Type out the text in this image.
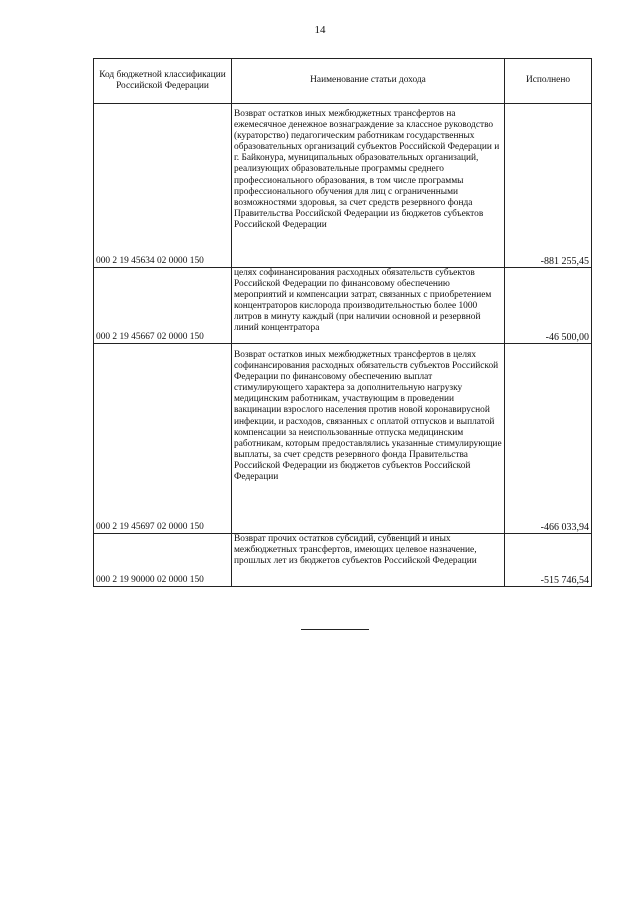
14
Код бюджетной классификации Российской Федерации	Наименование статьи дохода	Исполнено
000 2 19 45634 02 0000 150	Возврат остатков иных межбюджетных трансфертов на ежемесячное денежное вознаграждение за классное руководство (кураторство) педагогическим работникам государственных образовательных организаций субъектов Российской Федерации и г. Байконура, муниципальных образовательных организаций, реализующих образовательные программы среднего профессионального образования, в том числе программы профессионального обучения для лиц с ограниченными возможностями здоровья, за счет средств резервного фонда Правительства Российской Федерации из бюджетов субъектов Российской Федерации	-881 255,45
000 2 19 45667 02 0000 150	целях софинансирования расходных обязательств субъектов Российской Федерации по финансовому обеспечению мероприятий и компенсации затрат, связанных с приобретением концентраторов кислорода производительностью более 1000 литров в минуту каждый (при наличии основной и резервной линий концентратора	-46 500,00
000 2 19 45697 02 0000 150	Возврат остатков иных межбюджетных трансфертов в целях софинансирования расходных обязательств субъектов Российской Федерации по финансовому обеспечению выплат стимулирующего характера за дополнительную нагрузку медицинским работникам, участвующим в проведении вакцинации взрослого населения против новой коронавирусной инфекции, и расходов, связанных с оплатой отпусков и выплатой компенсации за неиспользованные отпуска медицинским работникам, которым предоставлялись указанные стимулирующие выплаты, за счет средств резервного фонда Правительства Российской Федерации из бюджетов субъектов Российской Федерации	-466 033,94
000 2 19 90000 02 0000 150	Возврат прочих остатков субсидий, субвенций и иных межбюджетных трансфертов, имеющих целевое назначение, прошлых лет из бюджетов субъектов Российской Федерации	-515 746,54
